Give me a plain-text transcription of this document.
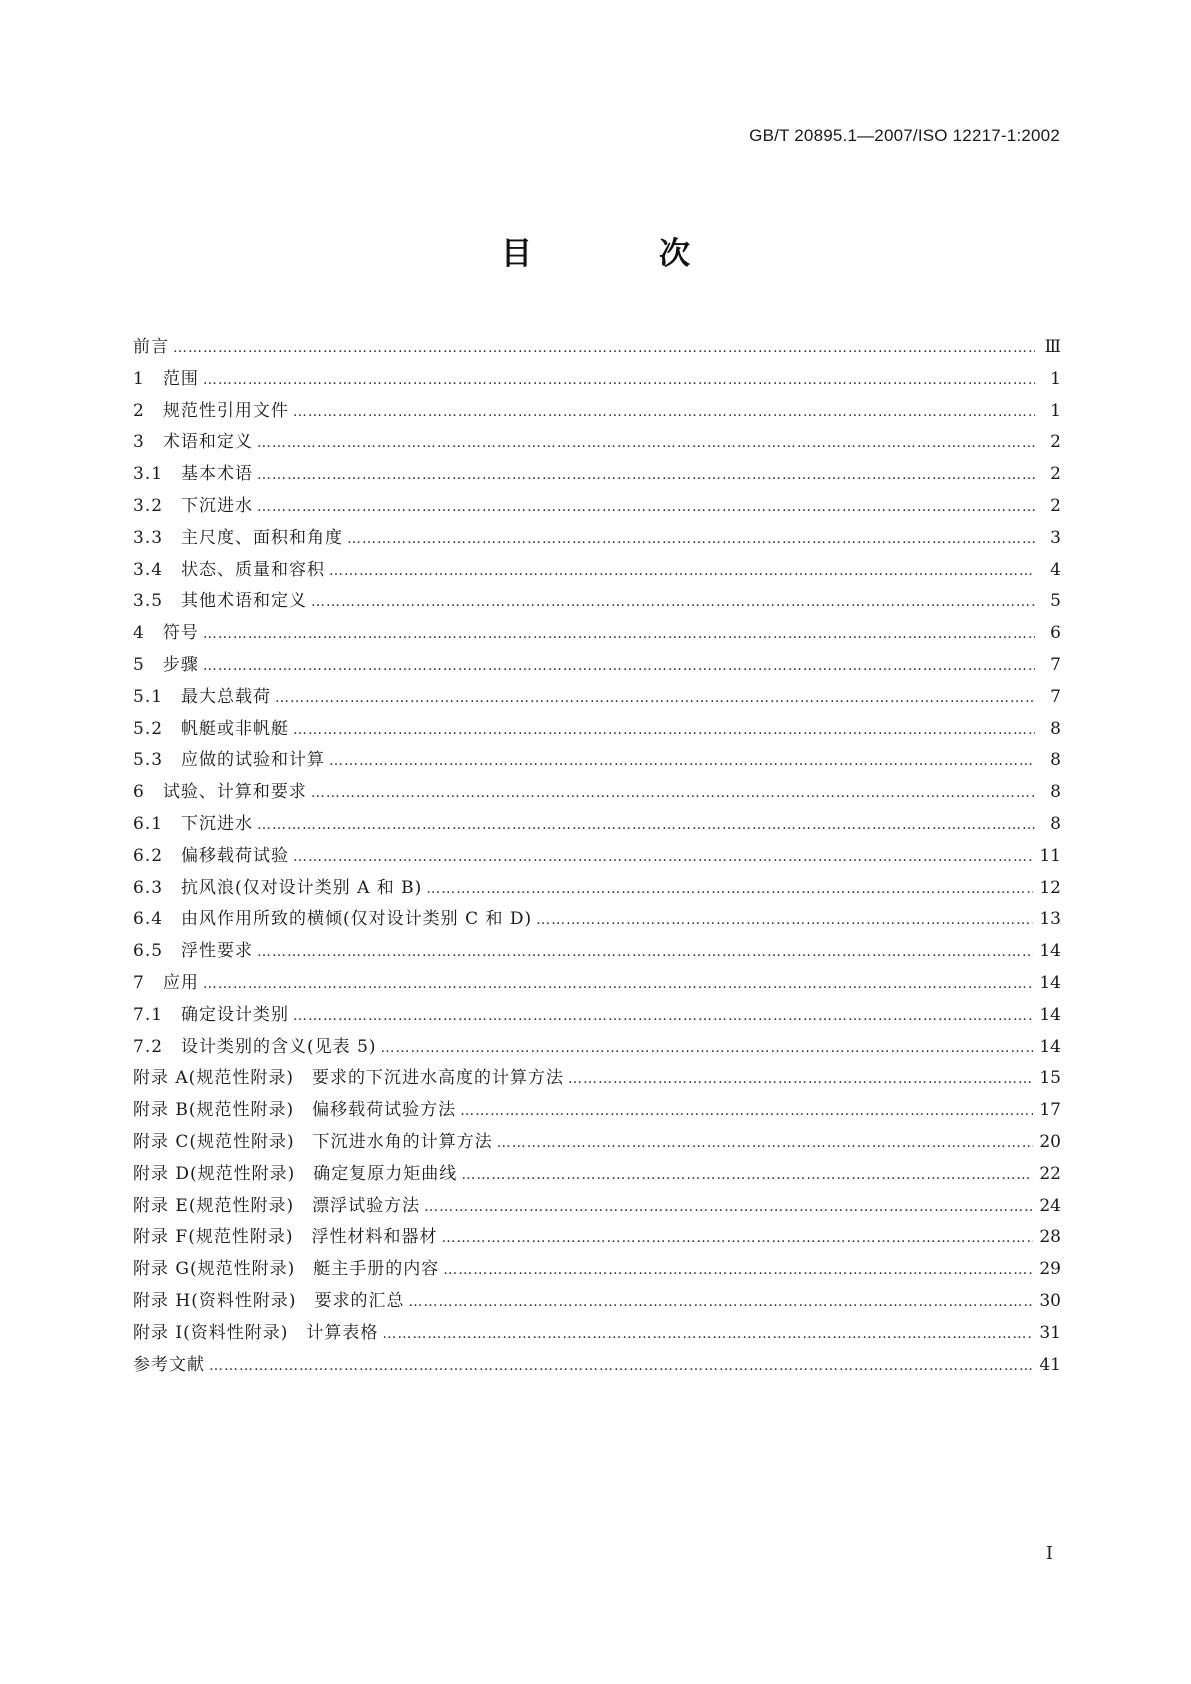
GB/T 20895.1—2007/ISO 12217-1:2002
目　次
前言 ……………………………………………………………………………………………………………………………………………………………………………………………………………………………………………………………………	Ⅲ
1　范围 ……………………………………………………………………………………………………………………………………………………………………………………………………………………………………………………………………	1
2　规范性引用文件 ……………………………………………………………………………………………………………………………………………………………………………………………………………………………………………………………………	1
3　术语和定义 ……………………………………………………………………………………………………………………………………………………………………………………………………………………………………………………………………	2
3.1　基本术语 ……………………………………………………………………………………………………………………………………………………………………………………………………………………………………………………………………	2
3.2　下沉进水 ……………………………………………………………………………………………………………………………………………………………………………………………………………………………………………………………………	2
3.3　主尺度、面积和角度 ……………………………………………………………………………………………………………………………………………………………………………………………………………………………………………………………………	3
3.4　状态、质量和容积 ……………………………………………………………………………………………………………………………………………………………………………………………………………………………………………………………………	4
3.5　其他术语和定义 ……………………………………………………………………………………………………………………………………………………………………………………………………………………………………………………………………	5
4　符号 ……………………………………………………………………………………………………………………………………………………………………………………………………………………………………………………………………	6
5　步骤 ……………………………………………………………………………………………………………………………………………………………………………………………………………………………………………………………………	7
5.1　最大总载荷 ……………………………………………………………………………………………………………………………………………………………………………………………………………………………………………………………………	7
5.2　帆艇或非帆艇 ……………………………………………………………………………………………………………………………………………………………………………………………………………………………………………………………………	8
5.3　应做的试验和计算 ……………………………………………………………………………………………………………………………………………………………………………………………………………………………………………………………………	8
6　试验、计算和要求 ……………………………………………………………………………………………………………………………………………………………………………………………………………………………………………………………………	8
6.1　下沉进水 ……………………………………………………………………………………………………………………………………………………………………………………………………………………………………………………………………	8
6.2　偏移载荷试验 ……………………………………………………………………………………………………………………………………………………………………………………………………………………………………………………………………	11
6.3　抗风浪(仅对设计类别 A 和 B) ……………………………………………………………………………………………………………………………………………………………………………………………………………………………………………………………………	12
6.4　由风作用所致的横倾(仅对设计类别 C 和 D) ……………………………………………………………………………………………………………………………………………………………………………………………………………………………………………………………………	13
6.5　浮性要求 ……………………………………………………………………………………………………………………………………………………………………………………………………………………………………………………………………	14
7　应用 ……………………………………………………………………………………………………………………………………………………………………………………………………………………………………………………………………	14
7.1　确定设计类别 ……………………………………………………………………………………………………………………………………………………………………………………………………………………………………………………………………	14
7.2　设计类别的含义(见表 5) ……………………………………………………………………………………………………………………………………………………………………………………………………………………………………………………………………	14
附录 A(规范性附录)　要求的下沉进水高度的计算方法 ……………………………………………………………………………………………………………………………………………………………………………………………………………………………………………………………………	15
附录 B(规范性附录)　偏移载荷试验方法 ……………………………………………………………………………………………………………………………………………………………………………………………………………………………………………………………………	17
附录 C(规范性附录)　下沉进水角的计算方法 ……………………………………………………………………………………………………………………………………………………………………………………………………………………………………………………………………	20
附录 D(规范性附录)　确定复原力矩曲线 ……………………………………………………………………………………………………………………………………………………………………………………………………………………………………………………………………	22
附录 E(规范性附录)　漂浮试验方法 ……………………………………………………………………………………………………………………………………………………………………………………………………………………………………………………………………	24
附录 F(规范性附录)　浮性材料和器材 ……………………………………………………………………………………………………………………………………………………………………………………………………………………………………………………………………	28
附录 G(规范性附录)　艇主手册的内容 ……………………………………………………………………………………………………………………………………………………………………………………………………………………………………………………………………	29
附录 H(资料性附录)　要求的汇总 ……………………………………………………………………………………………………………………………………………………………………………………………………………………………………………………………………	30
附录 I(资料性附录)　计算表格 ……………………………………………………………………………………………………………………………………………………………………………………………………………………………………………………………………	31
参考文献 ……………………………………………………………………………………………………………………………………………………………………………………………………………………………………………………………………	41
I
